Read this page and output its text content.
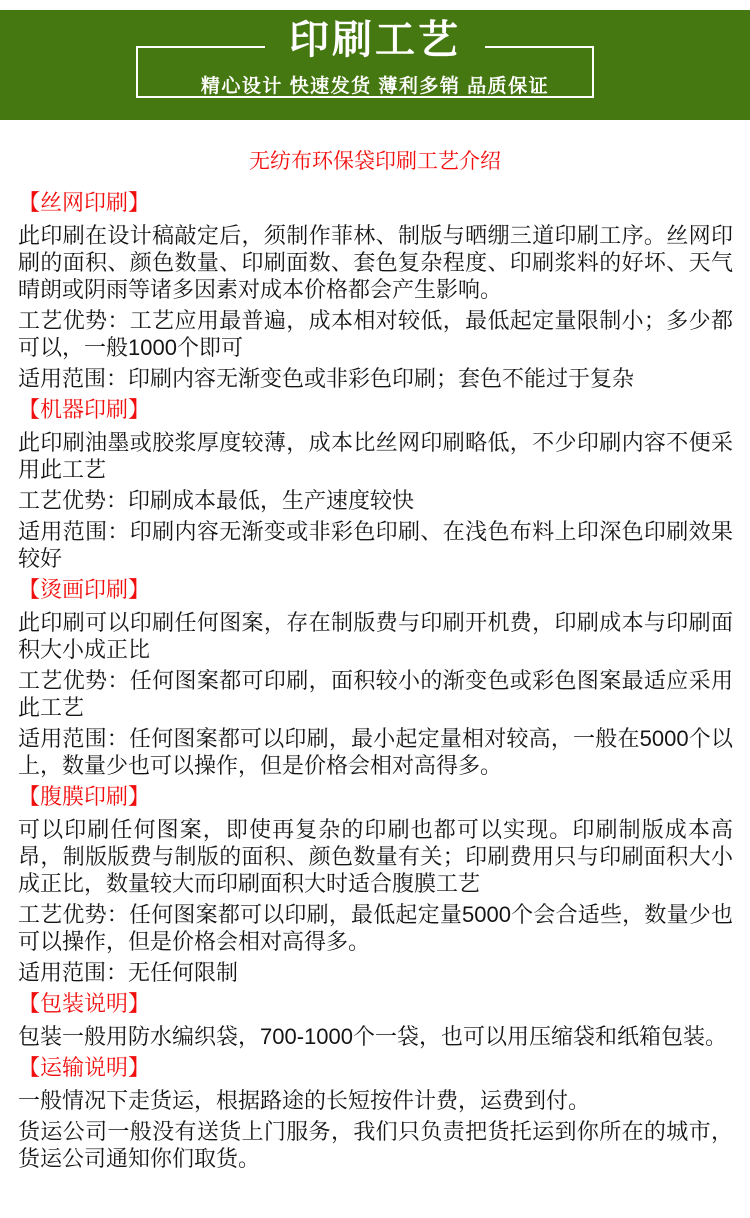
印刷工艺
精心设计 快速发货 薄利多销 品质保证
无纺布环保袋印刷工艺介绍
【丝网印刷】

此印刷在设计稿敲定后，须制作菲林、制版与晒绷三道印刷工序。丝网印刷的面积、颜色数量、印刷面数、套色复杂程度、印刷浆料的好坏、天气晴朗或阴雨等诸多因素对成本价格都会产生影响。

工艺优势：工艺应用最普遍，成本相对较低，最低起定量限制小；多少都可以，一般1000个即可

适用范围：印刷内容无渐变色或非彩色印刷；套色不能过于复杂

【机器印刷】

此印刷油墨或胶浆厚度较薄，成本比丝网印刷略低，不少印刷内容不便采用此工艺

工艺优势：印刷成本最低，生产速度较快

适用范围：印刷内容无渐变或非彩色印刷、在浅色布料上印深色印刷效果较好

【烫画印刷】

此印刷可以印刷任何图案，存在制版费与印刷开机费，印刷成本与印刷面积大小成正比

工艺优势：任何图案都可印刷，面积较小的渐变色或彩色图案最适应采用此工艺

适用范围：任何图案都可以印刷，最小起定量相对较高，一般在5000个以上，数量少也可以操作，但是价格会相对高得多。

【腹膜印刷】

可以印刷任何图案，即使再复杂的印刷也都可以实现。印刷制版成本高昂，制版版费与制版的面积、颜色数量有关；印刷费用只与印刷面积大小成正比，数量较大而印刷面积大时适合腹膜工艺

工艺优势：任何图案都可以印刷，最低起定量5000个会合适些，数量少也可以操作，但是价格会相对高得多。

适用范围：无任何限制

【包装说明】

包装一般用防水编织袋，700-1000个一袋，也可以用压缩袋和纸箱包装。

【运输说明】

一般情况下走货运，根据路途的长短按件计费，运费到付。

货运公司一般没有送货上门服务，我们只负责把货托运到你所在的城市，货运公司通知你们取货。
